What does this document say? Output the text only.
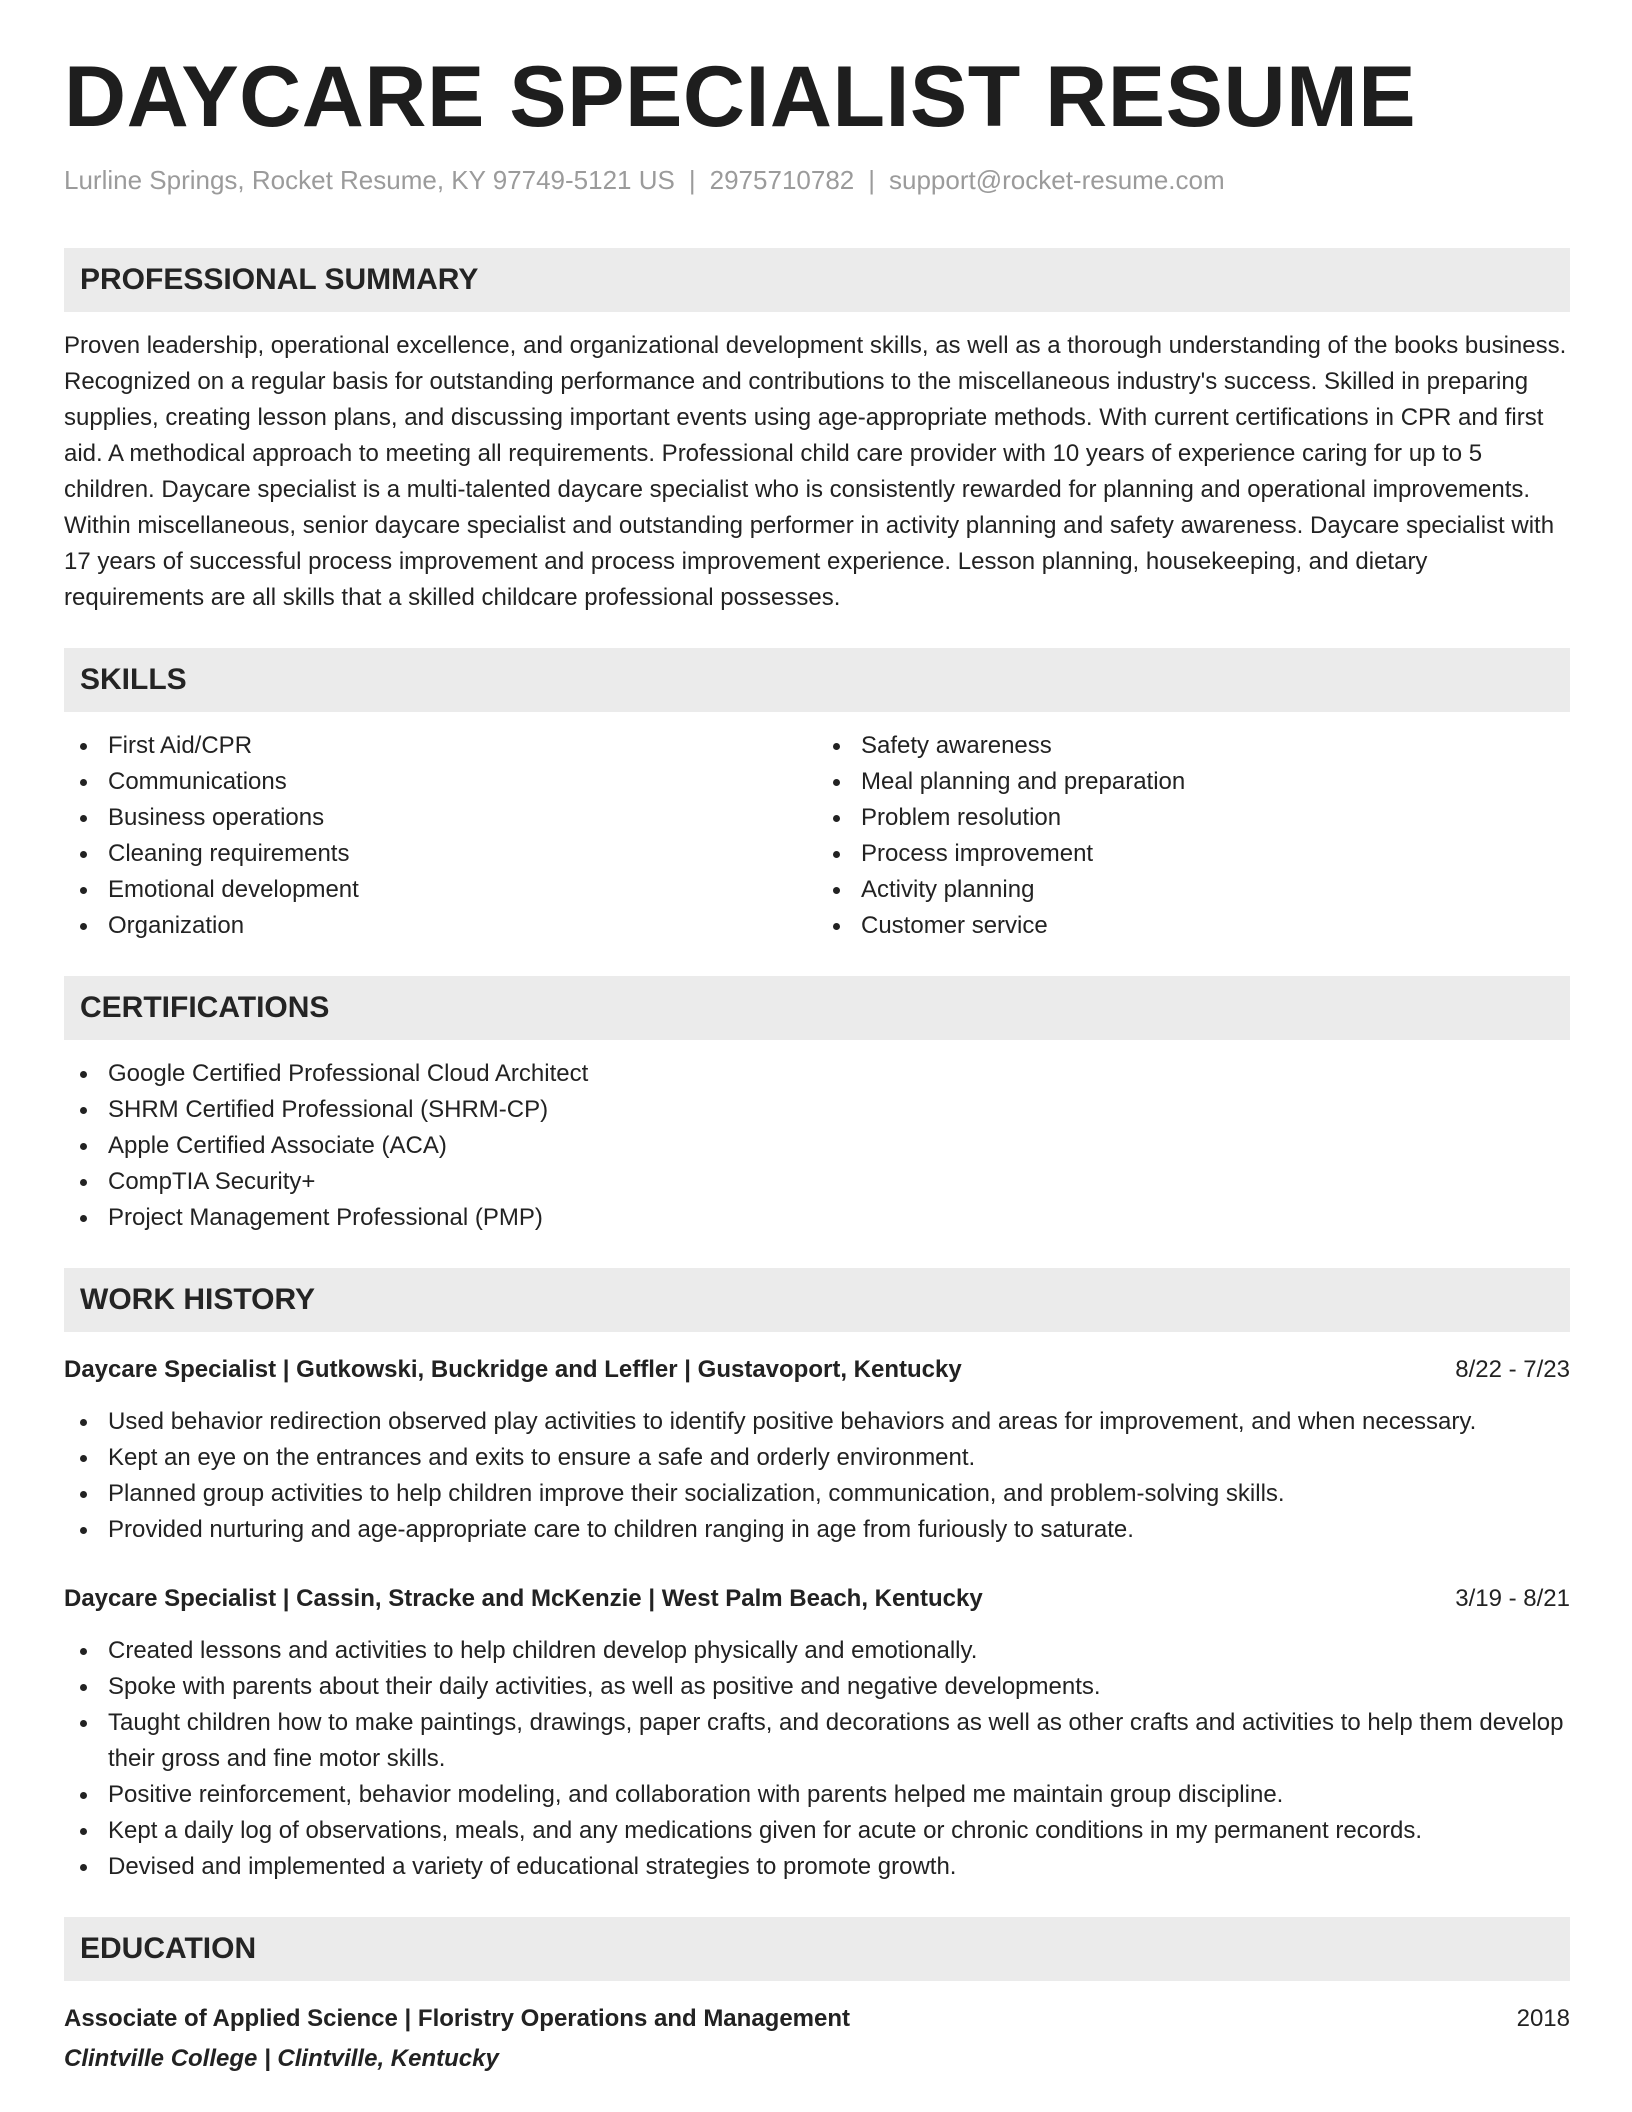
DAYCARE SPECIALIST RESUME
Lurline Springs, Rocket Resume, KY 97749-5121 US | 2975710782 | support@rocket-resume.com
PROFESSIONAL SUMMARY

Proven leadership, operational excellence, and organizational development skills, as well as a thorough understanding of the books business. Recognized on a regular basis for outstanding performance and contributions to the miscellaneous industry's success. Skilled in preparing supplies, creating lesson plans, and discussing important events using age-appropriate methods. With current certifications in CPR and first aid. A methodical approach to meeting all requirements. Professional child care provider with 10 years of experience caring for up to 5 children. Daycare specialist is a multi-talented daycare specialist who is consistently rewarded for planning and operational improvements. Within miscellaneous, senior daycare specialist and outstanding performer in activity planning and safety awareness. Daycare specialist with 17 years of successful process improvement and process improvement experience. Lesson planning, housekeeping, and dietary requirements are all skills that a skilled childcare professional possesses.

SKILLS
First Aid/CPR
Communications
Business operations
Cleaning requirements
Emotional development
Organization
Safety awareness
Meal planning and preparation
Problem resolution
Process improvement
Activity planning
Customer service
CERTIFICATIONS
Google Certified Professional Cloud Architect
SHRM Certified Professional (SHRM-CP)
Apple Certified Associate (ACA)
CompTIA Security+
Project Management Professional (PMP)
WORK HISTORY
Daycare Specialist | Gutkowski, Buckridge and Leffler | Gustavoport, Kentucky	8/22 - 7/23
Used behavior redirection observed play activities to identify positive behaviors and areas for improvement, and when necessary.
Kept an eye on the entrances and exits to ensure a safe and orderly environment.
Planned group activities to help children improve their socialization, communication, and problem-solving skills.
Provided nurturing and age-appropriate care to children ranging in age from furiously to saturate.
Daycare Specialist | Cassin, Stracke and McKenzie | West Palm Beach, Kentucky	3/19 - 8/21
Created lessons and activities to help children develop physically and emotionally.
Spoke with parents about their daily activities, as well as positive and negative developments.
Taught children how to make paintings, drawings, paper crafts, and decorations as well as other crafts and activities to help them develop their gross and fine motor skills.
Positive reinforcement, behavior modeling, and collaboration with parents helped me maintain group discipline.
Kept a daily log of observations, meals, and any medications given for acute or chronic conditions in my permanent records.
Devised and implemented a variety of educational strategies to promote growth.
EDUCATION
Associate of Applied Science | Floristry Operations and Management	2018
Clintville College | Clintville, Kentucky
